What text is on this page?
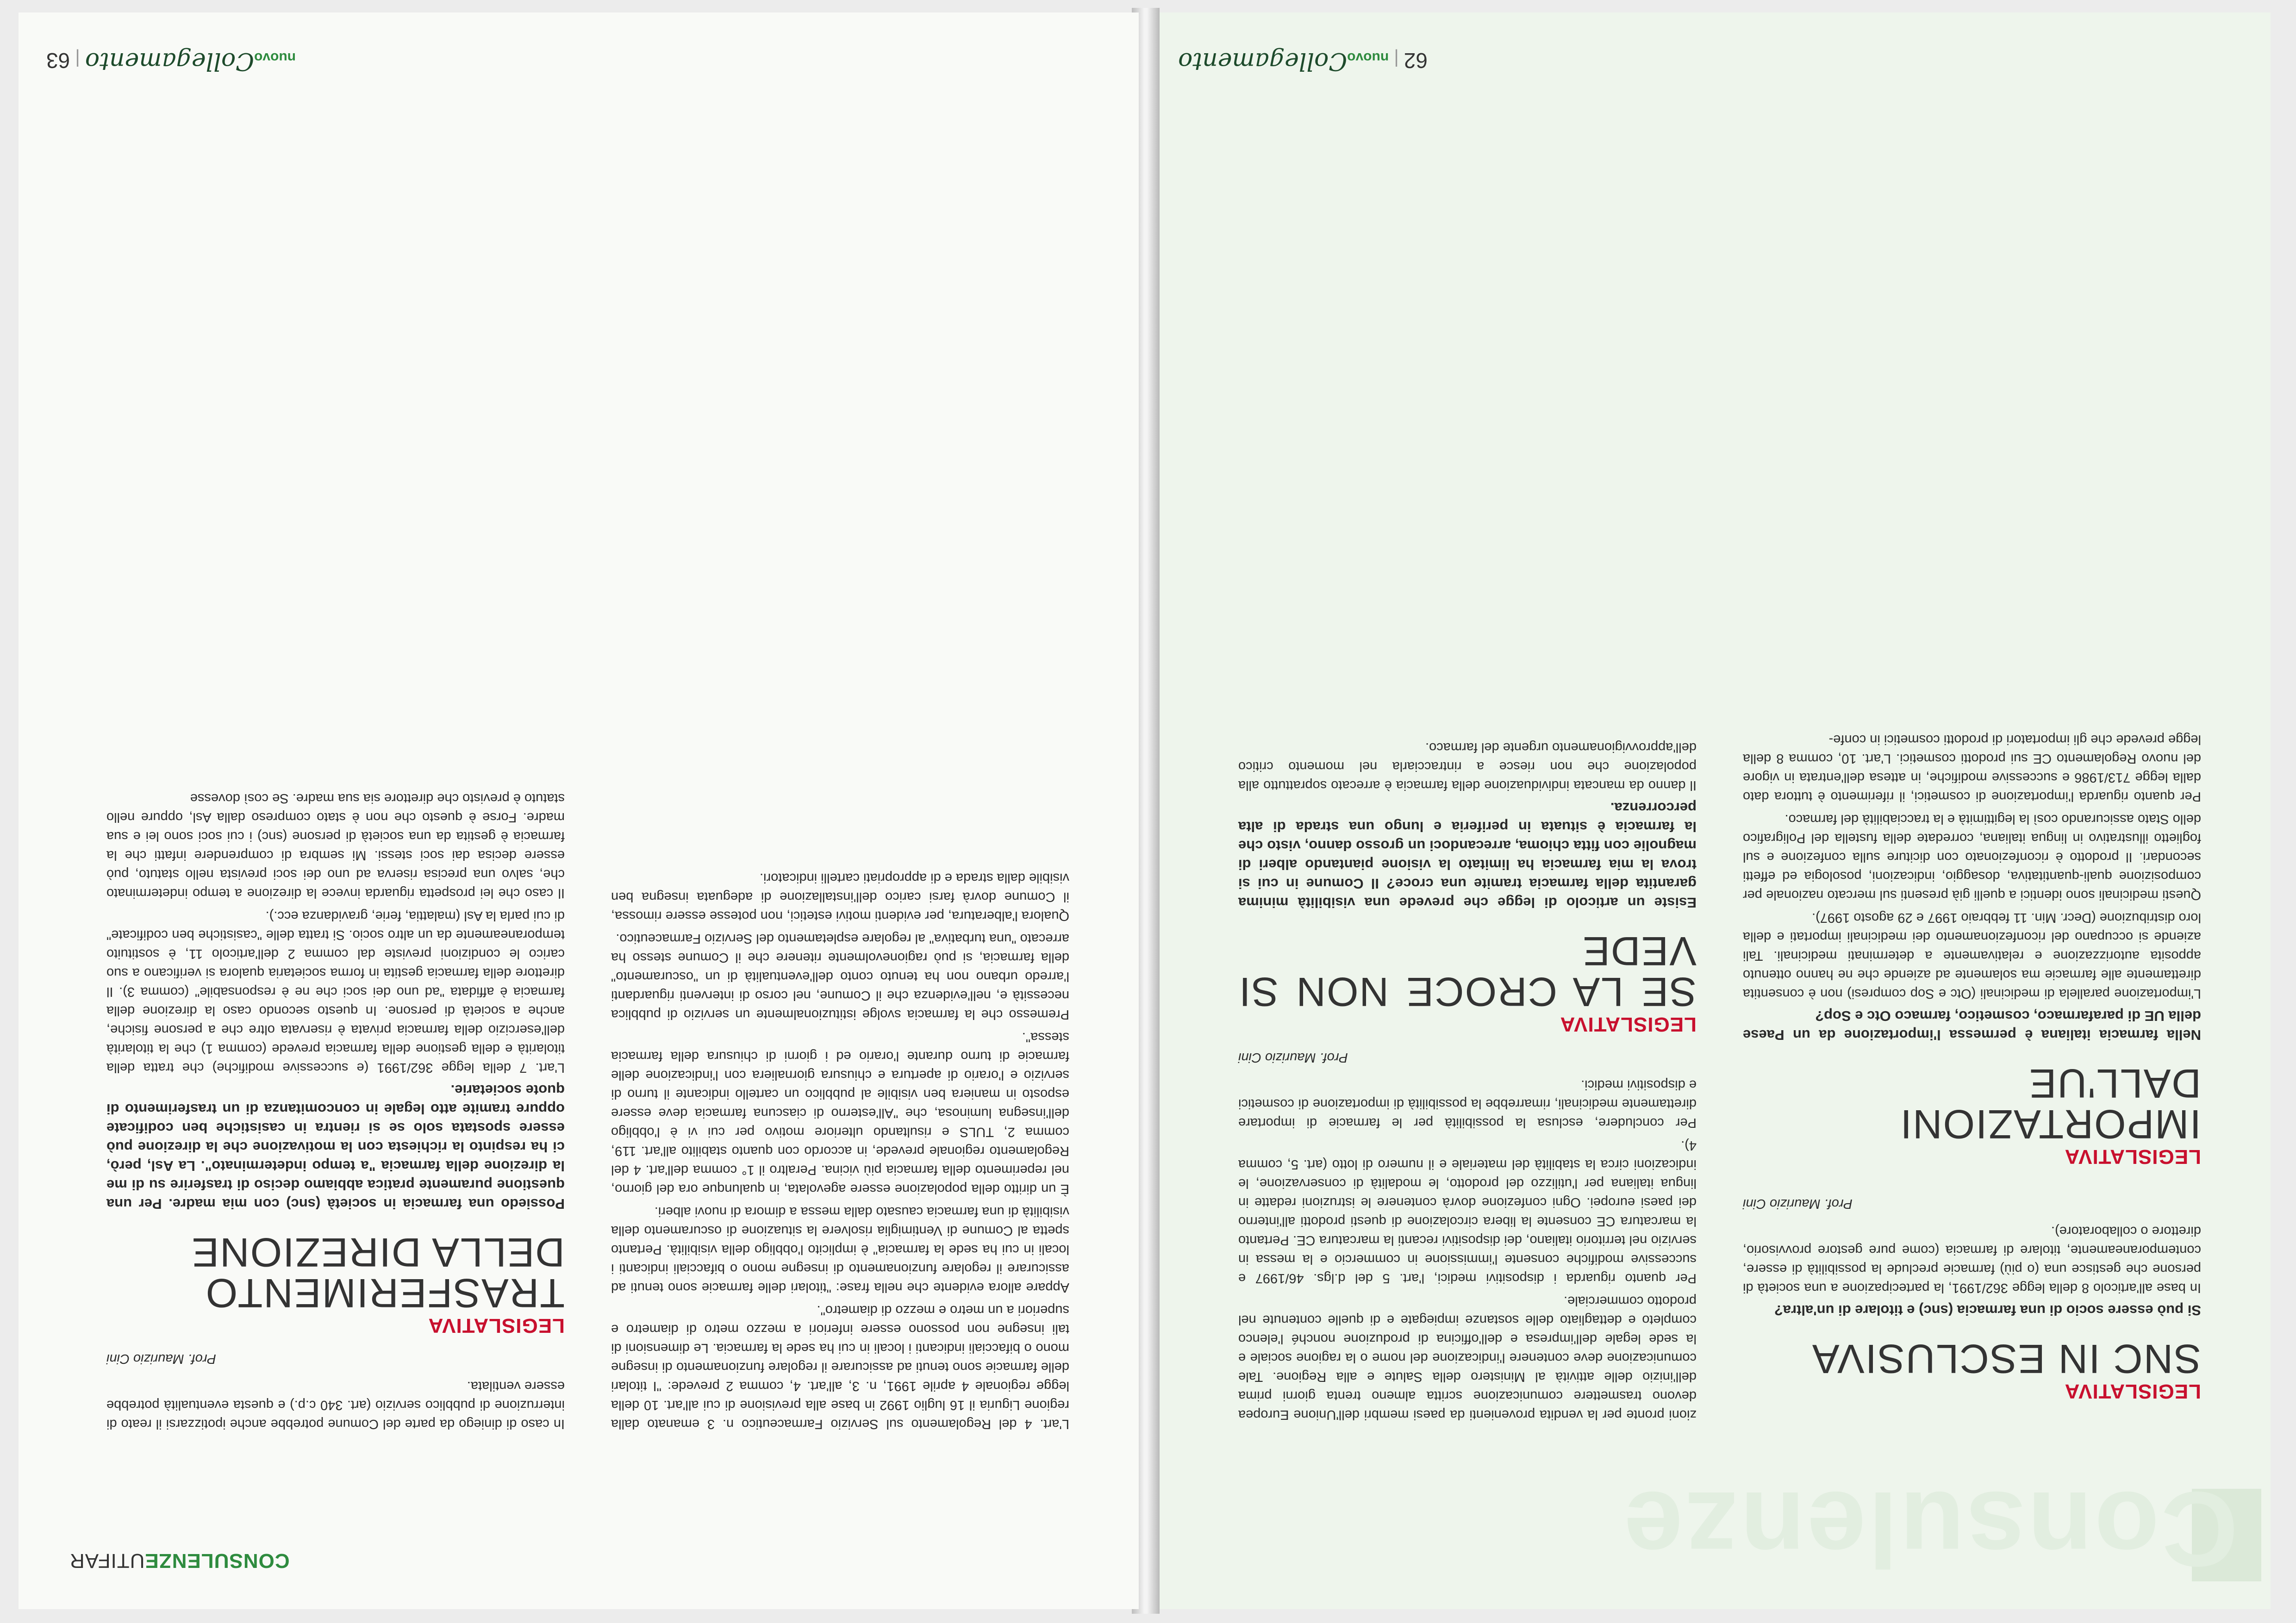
Consulenze
LEGISLATIVA
SNC IN ESCLUSIVA

Si può essere socio di una farmacia (snc) e titolare di un'altra?

In base all'articolo 8 della legge 362/1991, la partecipazione a una società di persone che gestisce una (o più) farmacie preclude la possibilità di essere, contemporaneamente, titolare di farmacia (come pure gestore provvisorio, direttore o collaboratore).

Prof. Maurizio Cini

LEGISLATIVA
IMPORTAZIONI DALL'UE

Nella farmacia italiana è permessa l'importazione da un Paese della UE di parafarmaco, cosmetico, farmaco Otc e Sop?

L'importazione parallela di medicinali (Otc e Sop compresi) non è consentita direttamente alle farmacie ma solamente ad aziende che ne hanno ottenuto apposita autorizzazione e relativamente a determinati medicinali. Tali aziende si occupano del riconfezionamento dei medicinali importati e della loro distribuzione (Decr. Min. 11 febbraio 1997 e 29 agosto 1997).

Questi medicinali sono identici a quelli già presenti sul mercato nazionale per composizione quali-quantitativa, dosaggio, indicazioni, posologia ed effetti secondari. Il prodotto è riconfezionato con diciture sulla confezione e sul foglietto illustrativo in lingua italiana, corredate della fustella del Poligrafico dello Stato assicurando così la legittimità e la tracciabilità del farmaco.

Per quanto riguarda l'importazione di cosmetici, il riferimento è tuttora dato dalla legge 713/1986 e successive modifiche, in attesa dell'entrata in vigore del nuovo Regolamento CE sui prodotti cosmetici. L'art. 10, comma 8 della legge prevede che gli importatori di prodotti cosmetici in confe-

zioni pronte per la vendita provenienti da paesi membri dell'Unione Europea devono trasmettere comunicazione scritta almeno trenta giorni prima dell'inizio delle attività al Ministero della Salute e alla Regione. Tale comunicazione deve contenere l'indicazione del nome o la ragione sociale e la sede legale dell'impresa e dell'officina di produzione nonché l'elenco completo e dettagliato delle sostanze impiegate e di quelle contenute nel prodotto commerciale.

Per quanto riguarda i dispositivi medici, l'art. 5 del d.lgs. 46/1997 e successive modifiche consente l'immissione in commercio e la messa in servizio nel territorio italiano, dei dispositivi recanti la marcatura CE. Pertanto la marcatura CE consente la libera circolazione di questi prodotti all'interno dei paesi europei. Ogni confezione dovrà contenere le istruzioni redatte in lingua italiana per l'utilizzo del prodotto, le modalità di conservazione, le indicazioni circa la stabilità del materiale e il numero di lotto (art. 5, comma 4).

Per concludere, esclusa la possibilità per le farmacie di importare direttamente medicinali, rimarrebbe la possibilità di importazione di cosmetici e dispositivi medici.

Prof. Maurizio Cini

LEGISLATIVA
SE LA CROCE NON SI VEDE

Esiste un articolo di legge che prevede una visibilità minima garantita della farmacia tramite una croce? Il Comune in cui si trova la mia farmacia ha limitato la visione piantando alberi di magnolie con fitta chioma, arrecandoci un grosso danno, visto che la farmacia è situata in periferia e lungo una strada di alta percorrenza.

Il danno da mancata individuazione della farmacia è arrecato soprattutto alla popolazione che non riesce a rintracciarla nel momento critico dell'approvvigionamento urgente del farmaco.

62 | nuovoCollegamento
CONSULENZEUTIFAR

L'art. 4 del Regolamento sul Servizio Farmaceutico n. 3 emanato dalla regione Liguria il 16 luglio 1992 in base alla previsione di cui all'art. 10 della legge regionale 4 aprile 1991, n. 3, all'art. 4, comma 2 prevede: "I titolari delle farmacie sono tenuti ad assicurare il regolare funzionamento di insegne mono o bifacciali indicanti i locali in cui ha sede la farmacia. Le dimensioni di tali insegne non possono essere inferiori a mezzo metro di diametro e superiori a un metro e mezzo di diametro".

Appare allora evidente che nella frase: "titolari delle farmacie sono tenuti ad assicurare il regolare funzionamento di insegne mono o bifacciali indicanti i locali in cui ha sede la farmacia" è implicito l'obbligo della visibilità. Pertanto spetta al Comune di Ventimiglia risolvere la situazione di oscuramento della visibilità di una farmacia causato dalla messa a dimora di nuovi alberi.

È un diritto della popolazione essere agevolata, in qualunque ora del giorno, nel reperimento della farmacia più vicina. Peraltro il 1° comma dell'art. 4 del Regolamento regionale prevede, in accordo con quanto stabilito all'art. 119, comma 2, TULS e risultando ulteriore motivo per cui vi è l'obbligo dell'insegna luminosa, che "All'esterno di ciascuna farmacia deve essere esposto in maniera ben visibile al pubblico un cartello indicante il turno di servizio e l'orario di apertura e chiusura giornaliera con l'indicazione delle farmacie di turno durante l'orario ed i giorni di chiusura della farmacia stessa".

Premesso che la farmacia svolge istituzionalmente un servizio di pubblica necessità e, nell'evidenza che il Comune, nel corso di interventi riguardanti l'arredo urbano non ha tenuto conto dell'eventualità di un "oscuramento" della farmacia, si può ragionevolmente ritenere che il Comune stesso ha arrecato "una turbativa" al regolare espletamento del Servizio Farmaceutico.

Qualora l'alberatura, per evidenti motivi estetici, non potesse essere rimossa, il Comune dovrà farsi carico dell'installazione di adeguata insegna ben visibile dalla strada e di appropriati cartelli indicatori.

In caso di diniego da parte del Comune potrebbe anche ipotizzarsi il reato di interruzione di pubblico servizio (art. 340 c.p.) e questa eventualità potrebbe essere ventilata.

Prof. Maurizio Cini

LEGISLATIVA
TRASFERIMENTO DELLA DIREZIONE

Possiedo una farmacia in società (snc) con mia madre. Per una questione puramente pratica abbiamo deciso di trasferire su di me la direzione della farmacia "a tempo indeterminato". La Asl, però, ci ha respinto la richiesta con la motivazione che la direzione può essere spostata solo se si rientra in casistiche ben codificate oppure tramite atto legale in concomitanza di un trasferimento di quote societarie.

L'art. 7 della legge 362/1991 (e successive modifiche) che tratta della titolarità e della gestione della farmacia prevede (comma 1) che la titolarità dell'esercizio della farmacia privata è riservata oltre che a persone fisiche, anche a società di persone. In questo secondo caso la direzione della farmacia è affidata "ad uno dei soci che ne è responsabile" (comma 3). Il direttore della farmacia gestita in forma societaria qualora si verificano a suo carico le condizioni previste dal comma 2 dell'articolo 11, è sostituito temporaneamente da un altro socio. Si tratta delle "casistiche ben codificate" di cui parla la Asl (malattia, ferie, gravidanza ecc.).

Il caso che lei prospetta riguarda invece la direzione a tempo indeterminato che, salvo una precisa riserva ad uno dei soci prevista nello statuto, può essere decisa dai soci stessi. Mi sembra di comprendere infatti che la farmacia è gestita da una società di persone (snc) i cui soci sono lei e sua madre. Forse è questo che non è stato compreso dalla Asl, oppure nello statuto è previsto che direttore sia sua madre. Se così dovesse

nuovoCollegamento | 63
